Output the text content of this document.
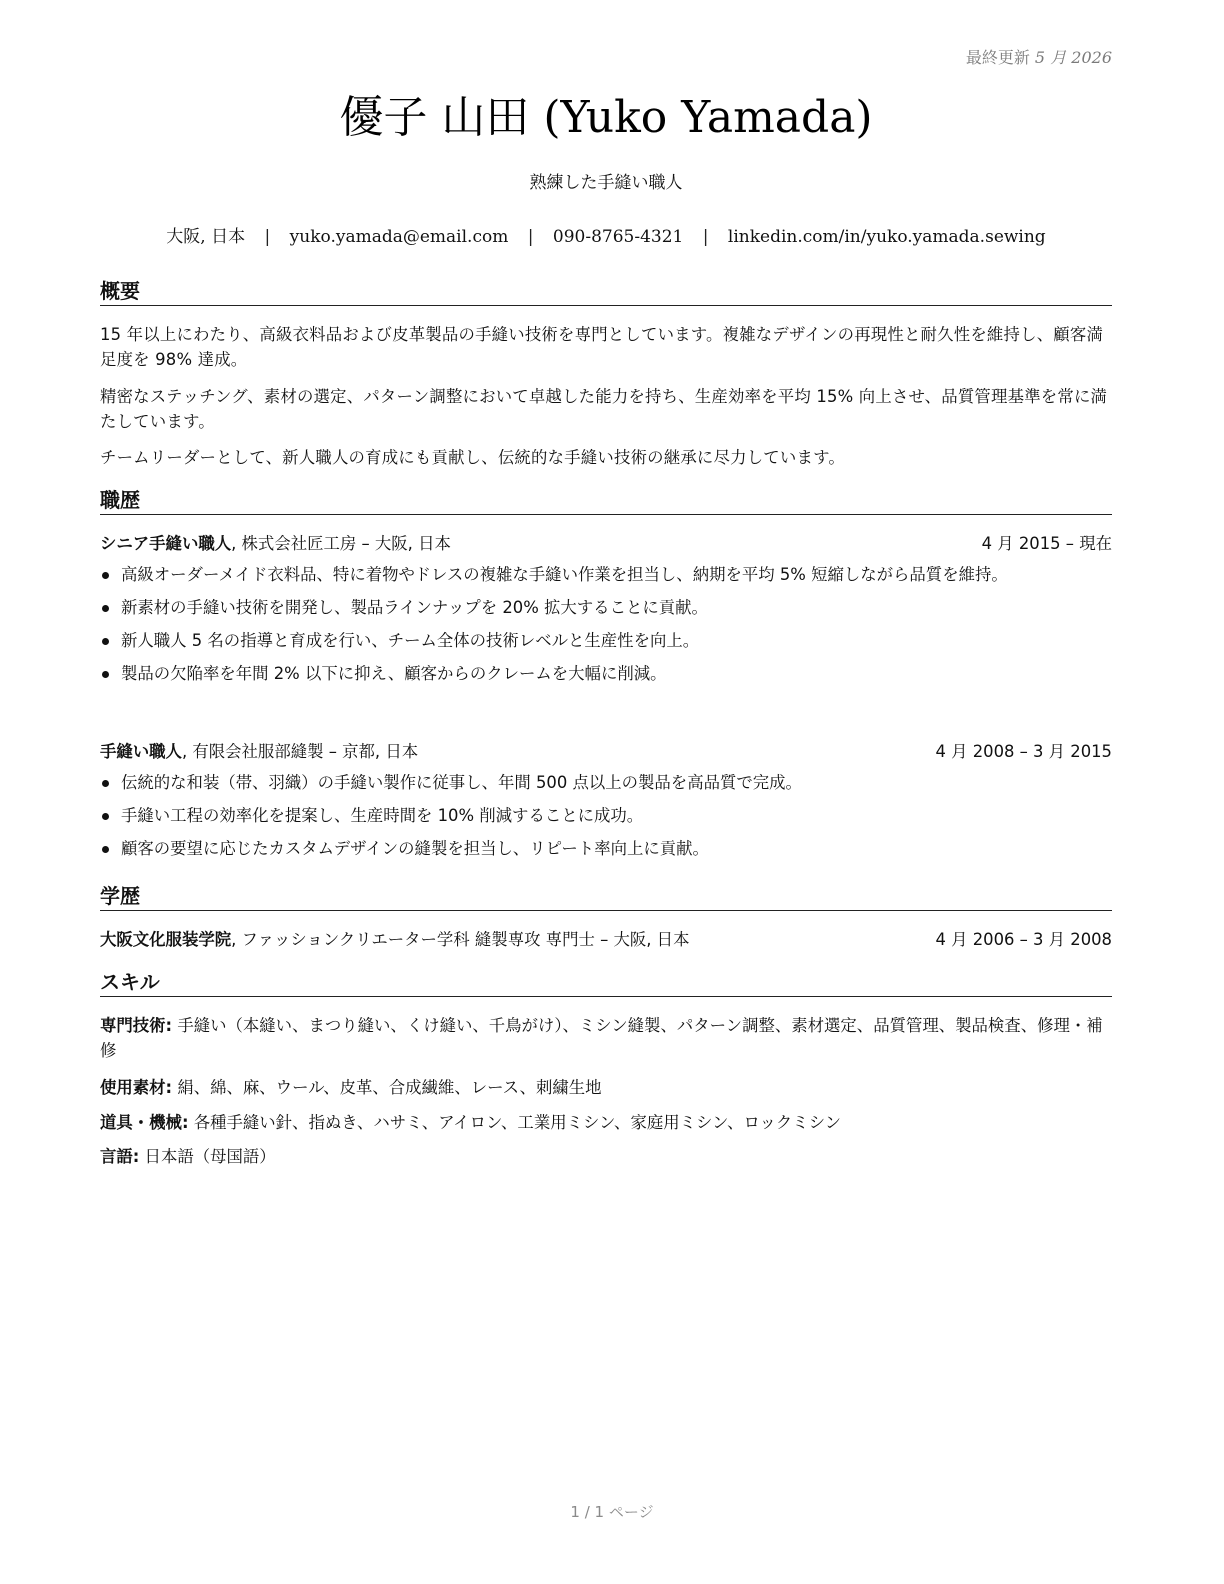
最終更新 5 月 2026
優子 山田 (Yuko Yamada)
熟練した手縫い職人
大阪, 日本 | yuko.yamada@email.com | 090-8765-4321 | linkedin.com/in/yuko.yamada.sewing
概要

15 年以上にわたり、高級衣料品および皮革製品の手縫い技術を専門としています。複雑なデザインの再現性と耐久性を維持し、顧客満足度を 98% 達成。

精密なステッチング、素材の選定、パターン調整において卓越した能力を持ち、生産効率を平均 15% 向上させ、品質管理基準を常に満たしています。

チームリーダーとして、新人職人の育成にも貢献し、伝統的な手縫い技術の継承に尽力しています。

職歴
シニア手縫い職人, 株式会社匠工房 – 大阪, 日本	4 月 2015 – 現在
高級オーダーメイド衣料品、特に着物やドレスの複雑な手縫い作業を担当し、納期を平均 5% 短縮しながら品質を維持。
新素材の手縫い技術を開発し、製品ラインナップを 20% 拡大することに貢献。
新人職人 5 名の指導と育成を行い、チーム全体の技術レベルと生産性を向上。
製品の欠陥率を年間 2% 以下に抑え、顧客からのクレームを大幅に削減。
手縫い職人, 有限会社服部縫製 – 京都, 日本	4 月 2008 – 3 月 2015
伝統的な和装（帯、羽織）の手縫い製作に従事し、年間 500 点以上の製品を高品質で完成。
手縫い工程の効率化を提案し、生産時間を 10% 削減することに成功。
顧客の要望に応じたカスタムデザインの縫製を担当し、リピート率向上に貢献。
学歴
大阪文化服装学院, ファッションクリエーター学科 縫製専攻 専門士 – 大阪, 日本	4 月 2006 – 3 月 2008
スキル

専門技術: 手縫い（本縫い、まつり縫い、くけ縫い、千鳥がけ）、ミシン縫製、パターン調整、素材選定、品質管理、製品検査、修理・補修

使用素材: 絹、綿、麻、ウール、皮革、合成繊維、レース、刺繍生地

道具・機械: 各種手縫い針、指ぬき、ハサミ、アイロン、工業用ミシン、家庭用ミシン、ロックミシン

言語: 日本語（母国語）

1 / 1 ページ
